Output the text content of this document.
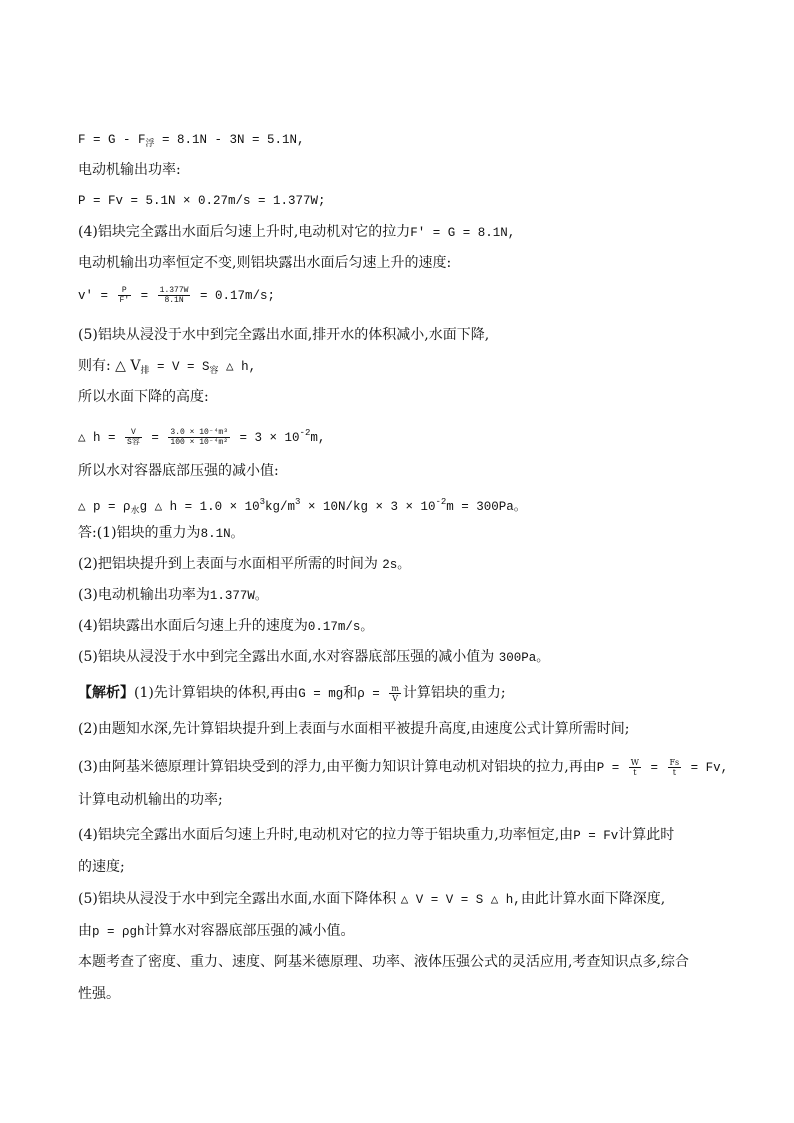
$F = G - F_浮 = 8.1N - 3N = 5.1N$,
电动机输出功率:
P = Fv = 5.1N × 0.27m/s = 1.377W;
(4)铝块完全露出水面后匀速上升时,电动机对它的拉力F' = G = 8.1N,
电动机输出功率恒定不变,则铝块露出水面后匀速上升的速度:
$v' = \frac{P}{F'} = \frac{1.377W}{8.1N} = 0.17m/s$;
(5)铝块从浸没于水中到完全露出水面,排开水的体积减小,水面下降,
则有: △ $V_排 = V = S_容$ △ h,
所以水面下降的高度:
△ $h = \frac{V}{\text{S容}} = \frac{\text{3.0 × 10⁻⁴m³}}{\text{100 × 10⁻⁴m²}} = 3 \times 10^{-2}m$,
所以水对容器底部压强的减小值:
△ $p = \rho_水g$ △ $h = 1.0 \times 10^3kg/m^3 \times 10N/kg \times 3 \times 10^{-2}m = 300Pa$。
答:(1)铝块的重力为8.1N。
(2)把铝块提升到上表面与水面相平所需的时间为 2s。
(3)电动机输出功率为1.377W。
(4)铝块露出水面后匀速上升的速度为0.17m/s。
(5)铝块从浸没于水中到完全露出水面,水对容器底部压强的减小值为 300Pa。
【解析】(1)先计算铝块的体积,再由G = mg和$\rho = \frac{m}{V}$ 计算铝块的重力;
(2)由题知水深,先计算铝块提升到上表面与水面相平被提升高度,由速度公式计算所需时间;
(3)由阿基米德原理计算铝块受到的浮力,由平衡力知识计算电动机对铝块的拉力,再由$P = \frac{W}{t} = \frac{Fs}{t} = Fv$,
计算电动机输出的功率;
(4)铝块完全露出水面后匀速上升时,电动机对它的拉力等于铝块重力,功率恒定,由P = Fv计算此时
的速度;
(5)铝块从浸没于水中到完全露出水面,水面下降体积 △ V = V = S △ h,由此计算水面下降深度,
由p = ρgh计算水对容器底部压强的减小值。
本题考查了密度、重力、速度、阿基米德原理、功率、液体压强公式的灵活应用,考查知识点多,综合
性强。
